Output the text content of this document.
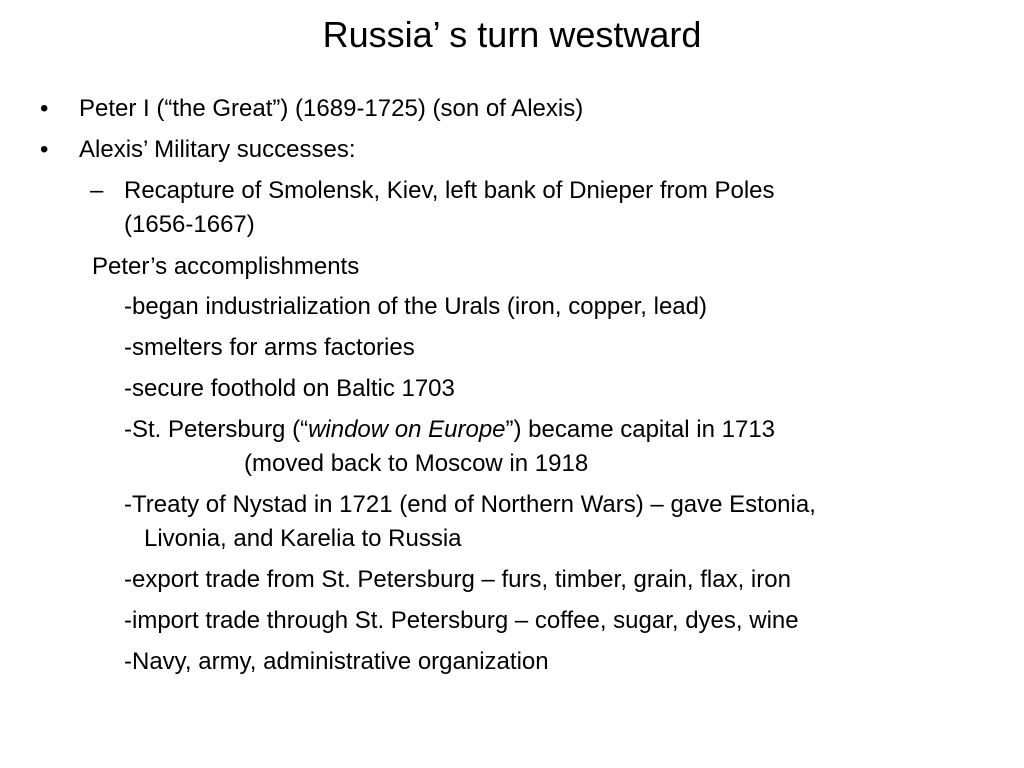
Russia’ s turn westward
• Peter I (“the Great”) (1689-1725) (son of Alexis)
• Alexis’ Military successes:
– Recapture of Smolensk, Kiev, left bank of Dnieper from Poles
(1656-1667)
Peter’s accomplishments
-began industrialization of the Urals (iron, copper, lead)
-smelters for arms factories
-secure foothold on Baltic 1703
-St. Petersburg (“window on Europe”) became capital in 1713
(moved back to Moscow in 1918
-Treaty of Nystad in 1721 (end of Northern Wars) – gave Estonia,
Livonia, and Karelia to Russia
-export trade from St. Petersburg – furs, timber, grain, flax, iron
-import trade through St. Petersburg – coffee, sugar, dyes, wine
-Navy, army, administrative organization
